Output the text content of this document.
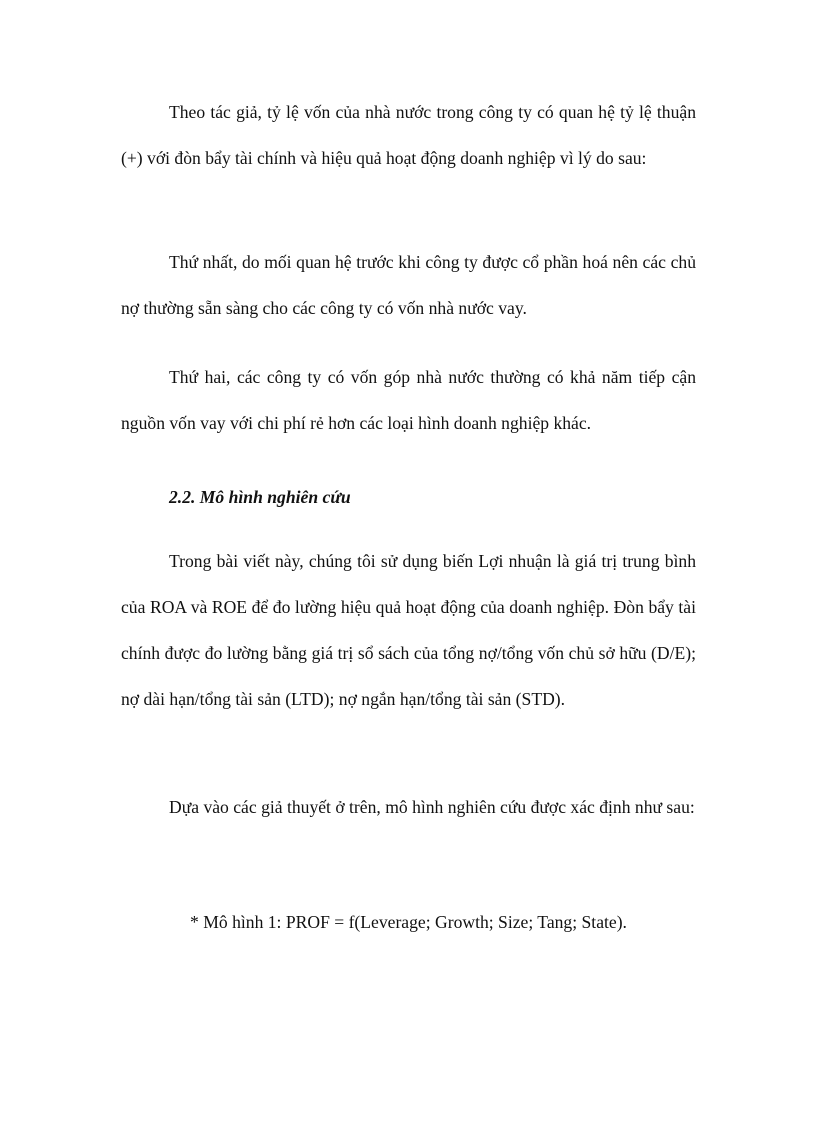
Theo tác giả, tỷ lệ vốn của nhà nước trong công ty có quan hệ tỷ lệ thuận (+) với đòn bẩy tài chính và hiệu quả hoạt động doanh nghiệp vì lý do sau:

Thứ nhất, do mối quan hệ trước khi công ty được cổ phần hoá nên các chủ nợ thường sẵn sàng cho các công ty có vốn nhà nước vay.

Thứ hai, các công ty có vốn góp nhà nước thường có khả năm tiếp cận nguồn vốn vay với chi phí rẻ hơn các loại hình doanh nghiệp khác.

2.2. Mô hình nghiên cứu

Trong bài viết này, chúng tôi sử dụng biến Lợi nhuận là giá trị trung bình của ROA và ROE để đo lường hiệu quả hoạt động của doanh nghiệp. Đòn bẩy tài chính được đo lường bằng giá trị sổ sách của tổng nợ/tổng vốn chủ sở hữu (D/E); nợ dài hạn/tổng tài sản (LTD); nợ ngắn hạn/tổng tài sản (STD).

Dựa vào các giả thuyết ở trên, mô hình nghiên cứu được xác định như sau:

* Mô hình 1: PROF = f(Leverage; Growth; Size; Tang; State).
